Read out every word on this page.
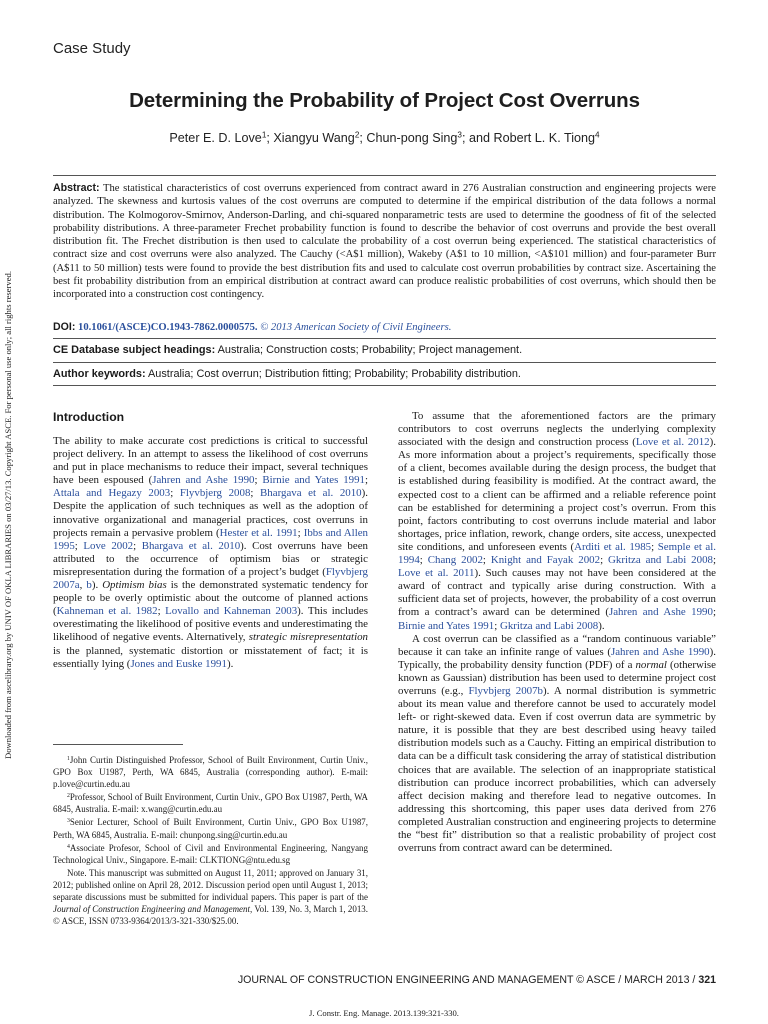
Downloaded from ascelibrary.org by UNIV OF OKLA LIBRARIES on 03/27/13. Copyright ASCE. For personal use only; all rights reserved.

Case Study

Determining the Probability of Project Cost Overruns

Peter E. D. Love$^1$; Xiangyu Wang$^2$; Chun-pong Sing$^3$; and Robert L. K. Tiong$^4$

Abstract: The statistical characteristics of cost overruns experienced from contract award in 276 Australian construction and engineering projects were analyzed. The skewness and kurtosis values of the cost overruns are computed to determine if the empirical distribution of the data follows a normal distribution. The Kolmogorov-Smirnov, Anderson-Darling, and chi-squared nonparametric tests are used to determine the goodness of fit of the selected probability distributions. A three-parameter Frechet probability function is found to describe the behavior of cost overruns and provide the best overall distribution fit. The Frechet distribution is then used to calculate the probability of a cost overrun being experienced. The statistical characteristics of contract size and cost overruns were also analyzed. The Cauchy (<A$1 million), Wakeby (A$1 to 10 million, <A$101 million) and four-parameter Burr (A$11 to 50 million) tests were found to provide the best distribution fits and used to calculate cost overrun probabilities by contract size. Ascertaining the best fit probability distribution from an empirical distribution at contract award can produce realistic probabilities of cost overruns, which should then be incorporated into a construction cost contingency.

DOI: 10.1061/(ASCE)CO.1943-7862.0000575. © 2013 American Society of Civil Engineers.

CE Database subject headings: Australia; Construction costs; Probability; Project management.

Author keywords: Australia; Cost overrun; Distribution fitting; Probability; Probability distribution.

Introduction

The ability to make accurate cost predictions is critical to successful project delivery. In an attempt to assess the likelihood of cost overruns and put in place mechanisms to reduce their impact, several techniques have been espoused (Jahren and Ashe 1990; Birnie and Yates 1991; Attala and Hegazy 2003; Flyvbjerg 2008; Bhargava et al. 2010). Despite the application of such techniques as well as the adoption of innovative organizational and managerial practices, cost overruns in projects remain a pervasive problem (Hester et al. 1991; Ibbs and Allen 1995; Love 2002; Bhargava et al. 2010). Cost overruns have been attributed to the occurrence of optimism bias or strategic misrepresentation during the formation of a project’s budget (Flyvbjerg 2007a, b). Optimism bias is the demonstrated systematic tendency for people to be overly optimistic about the outcome of planned actions (Kahneman et al. 1982; Lovallo and Kahneman 2003). This includes overestimating the likelihood of positive events and underestimating the likelihood of negative events. Alternatively, strategic misrepresentation is the planned, systematic distortion or misstatement of fact; it is essentially lying (Jones and Euske 1991).

$^1$John Curtin Distinguished Professor, School of Built Environment, Curtin Univ., GPO Box U1987, Perth, WA 6845, Australia (corresponding author). E-mail: p.love@curtin.edu.au

$^2$Professor, School of Built Environment, Curtin Univ., GPO Box U1987, Perth, WA 6845, Australia. E-mail: x.wang@curtin.edu.au

$^3$Senior Lecturer, School of Built Environment, Curtin Univ., GPO Box U1987, Perth, WA 6845, Australia. E-mail: chunpong.sing@curtin.edu.au

$^4$Associate Profesor, School of Civil and Environmental Engineering, Nangyang Technological Univ., Singapore. E-mail: CLKTIONG@ntu.edu.sg

Note. This manuscript was submitted on August 11, 2011; approved on January 31, 2012; published online on April 28, 2012. Discussion period open until August 1, 2013; separate discussions must be submitted for individual papers. This paper is part of the Journal of Construction Engineering and Management, Vol. 139, No. 3, March 1, 2013. © ASCE, ISSN 0733-9364/2013/3-321-330/$25.00.

To assume that the aforementioned factors are the primary contributors to cost overruns neglects the underlying complexity associated with the design and construction process (Love et al. 2012). As more information about a project’s requirements, specifically those of a client, becomes available during the design process, the budget that is established during feasibility is modified. At the contract award, the expected cost to a client can be affirmed and a reliable reference point can be established for determining a project cost’s overrun. From this point, factors contributing to cost overruns include material and labor shortages, price inflation, rework, change orders, site access, unexpected site conditions, and unforeseen events (Arditi et al. 1985; Semple et al. 1994; Chang 2002; Knight and Fayak 2002; Gkritza and Labi 2008; Love et al. 2011). Such causes may not have been considered at the award of contract and typically arise during construction. With a sufficient data set of projects, however, the probability of a cost overrun from a contract’s award can be determined (Jahren and Ashe 1990; Birnie and Yates 1991; Gkritza and Labi 2008).

A cost overrun can be classified as a “random continuous variable” because it can take an infinite range of values (Jahren and Ashe 1990). Typically, the probability density function (PDF) of a normal (otherwise known as Gaussian) distribution has been used to determine project cost overruns (e.g., Flyvbjerg 2007b). A normal distribution is symmetric about its mean value and therefore cannot be used to accurately model left- or right-skewed data. Even if cost overrun data are symmetric by nature, it is possible that they are best described using heavy tailed distribution models such as a Cauchy. Fitting an empirical distribution to data can be a difficult task considering the array of statistical distribution choices that are available. The selection of an inappropriate statistical distribution can produce incorrect probabilities, which can adversely affect decision making and therefore lead to negative outcomes. In addressing this shortcoming, this paper uses data derived from 276 completed Australian construction and engineering projects to determine the “best fit” distribution so that a realistic probability of project cost overruns from contract award can be determined.

JOURNAL OF CONSTRUCTION ENGINEERING AND MANAGEMENT © ASCE / MARCH 2013 / 321

J. Constr. Eng. Manage. 2013.139:321-330.
